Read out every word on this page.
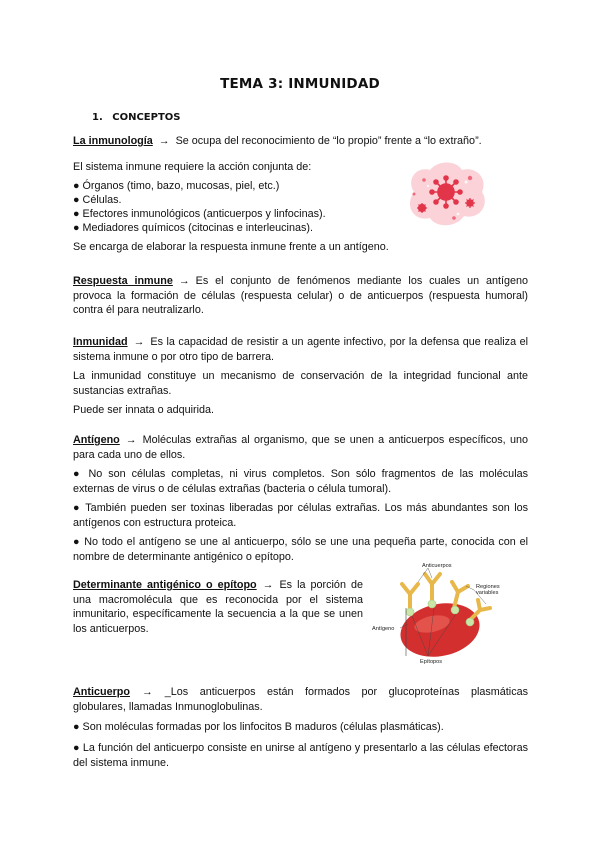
TEMA 3: INMUNIDAD
1. CONCEPTOS
La inmunología → Se ocupa del reconocimiento de “lo propio” frente a “lo extraño”.
El sistema inmune requiere la acción conjunta de:
● Órganos (timo, bazo, mucosas, piel, etc.)
● Células.
● Efectores inmunológicos (anticuerpos y linfocinas).
● Mediadores químicos (citocinas e interleucinas).
Se encarga de elaborar la respuesta inmune frente a un antígeno.
Respuesta inmune → Es el conjunto de fenómenos mediante los cuales un antígeno provoca la formación de células (respuesta celular) o de anticuerpos (respuesta humoral) contra él para neutralizarlo.
Inmunidad → Es la capacidad de resistir a un agente infectivo, por la defensa que realiza el sistema inmune o por otro tipo de barrera.
La inmunidad constituye un mecanismo de conservación de la integridad funcional ante sustancias extrañas.
Puede ser innata o adquirida.
Antígeno → Moléculas extrañas al organismo, que se unen a anticuerpos específicos, uno para cada uno de ellos.
● No son células completas, ni virus completos. Son sólo fragmentos de las moléculas externas de virus o de células extrañas (bacteria o célula tumoral).
● También pueden ser toxinas liberadas por células extrañas. Los más abundantes son los antígenos con estructura proteica.
● No todo el antígeno se une al anticuerpo, sólo se une una pequeña parte, conocida con el nombre de determinante antigénico o epítopo.
Determinante antigénico o epítopo → Es la porción de una macromolécula que es reconocida por el sistema inmunitario, específicamente la secuencia a la que se unen los anticuerpos.
Anticuerpos
Regiones
variables
Antígeno
Epítopos
Anticuerpo → _Los anticuerpos están formados por glucoproteínas plasmáticas globulares, llamadas Inmunoglobulinas.
● Son moléculas formadas por los linfocitos B maduros (células plasmáticas).
● La función del anticuerpo consiste en unirse al antígeno y presentarlo a las células efectoras del sistema inmune.
